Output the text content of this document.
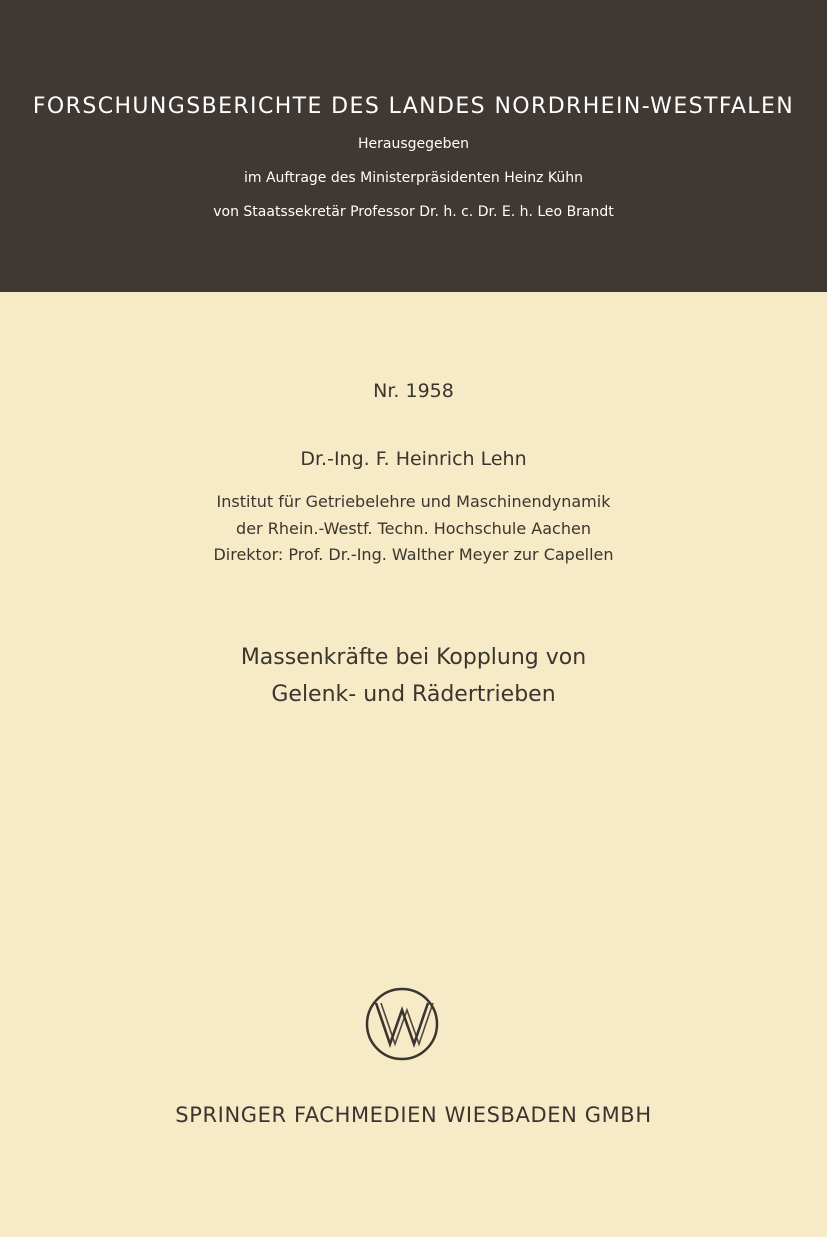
FORSCHUNGSBERICHTE DES LANDES NORDRHEIN-WESTFALEN
Herausgegeben
im Auftrage des Ministerpräsidenten Heinz Kühn
von Staatssekretär Professor Dr. h. c. Dr. E. h. Leo Brandt
Nr. 1958
Dr.-Ing. F. Heinrich Lehn
Institut für Getriebelehre und Maschinendynamik
der Rhein.-Westf. Techn. Hochschule Aachen
Direktor: Prof. Dr.-Ing. Walther Meyer zur Capellen
Massenkräfte bei Kopplung von
Gelenk- und Rädertrieben
SPRINGER FACHMEDIEN WIESBADEN GMBH
